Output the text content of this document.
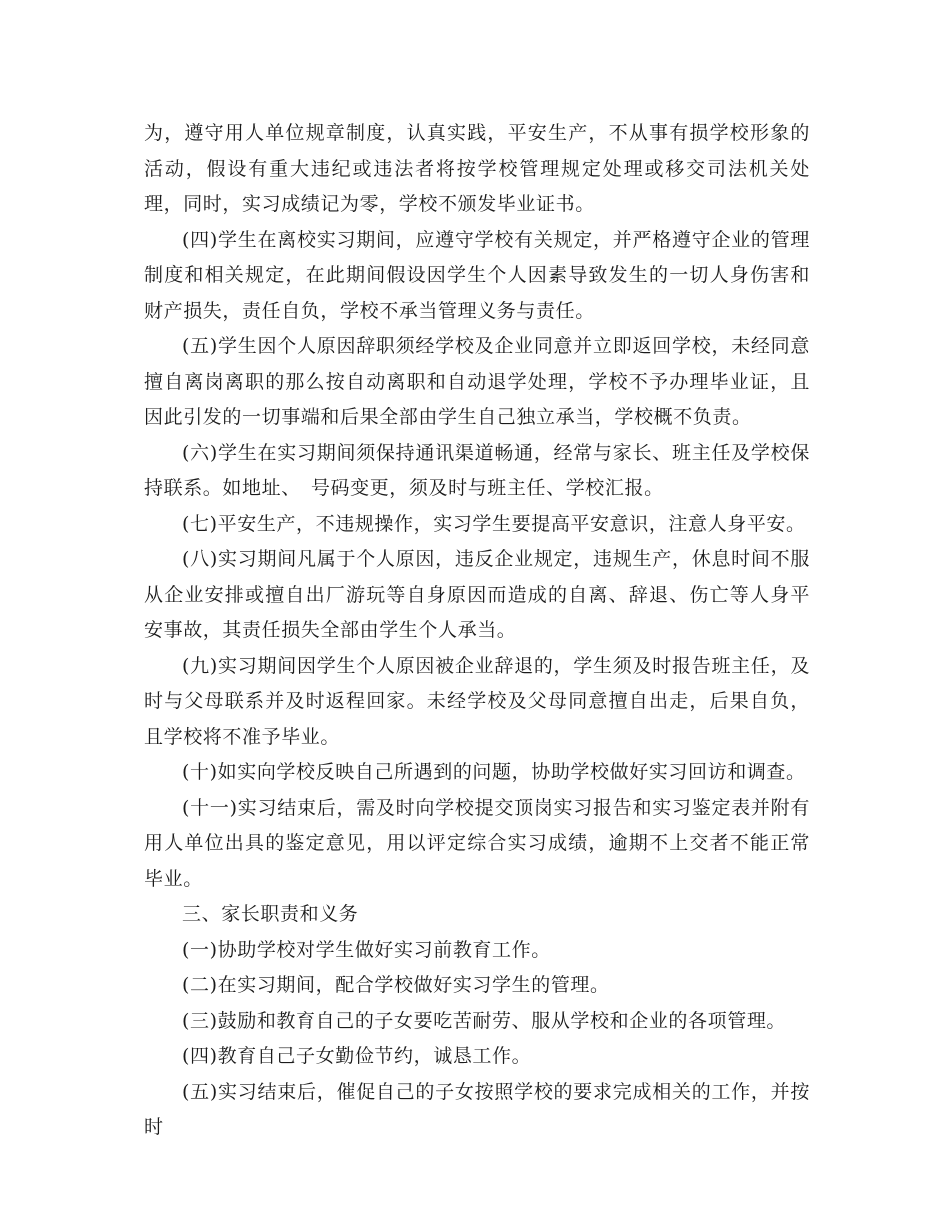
为，遵守用人单位规章制度，认真实践，平安生产，不从事有损学校形象的活动，假设有重大违纪或违法者将按学校管理规定处理或移交司法机关处理，同时，实习成绩记为零，学校不颁发毕业证书。

(四)学生在离校实习期间，应遵守学校有关规定，并严格遵守企业的管理制度和相关规定，在此期间假设因学生个人因素导致发生的一切人身伤害和财产损失，责任自负，学校不承当管理义务与责任。

(五)学生因个人原因辞职须经学校及企业同意并立即返回学校，未经同意擅自离岗离职的那么按自动离职和自动退学处理，学校不予办理毕业证，且因此引发的一切事端和后果全部由学生自己独立承当，学校概不负责。

(六)学生在实习期间须保持通讯渠道畅通，经常与家长、班主任及学校保持联系。如地址、　号码变更，须及时与班主任、学校汇报。

(七)平安生产，不违规操作，实习学生要提高平安意识，注意人身平安。

(八)实习期间凡属于个人原因，违反企业规定，违规生产，休息时间不服从企业安排或擅自出厂游玩等自身原因而造成的自离、辞退、伤亡等人身平安事故，其责任损失全部由学生个人承当。

(九)实习期间因学生个人原因被企业辞退的，学生须及时报告班主任，及时与父母联系并及时返程回家。未经学校及父母同意擅自出走，后果自负，且学校将不准予毕业。

(十)如实向学校反映自己所遇到的问题，协助学校做好实习回访和调查。

(十一)实习结束后，需及时向学校提交顶岗实习报告和实习鉴定表并附有用人单位出具的鉴定意见，用以评定综合实习成绩，逾期不上交者不能正常毕业。

三、家长职责和义务

(一)协助学校对学生做好实习前教育工作。

(二)在实习期间，配合学校做好实习学生的管理。

(三)鼓励和教育自己的子女要吃苦耐劳、服从学校和企业的各项管理。

(四)教育自己子女勤俭节约，诚恳工作。

(五)实习结束后，催促自己的子女按照学校的要求完成相关的工作，并按时
